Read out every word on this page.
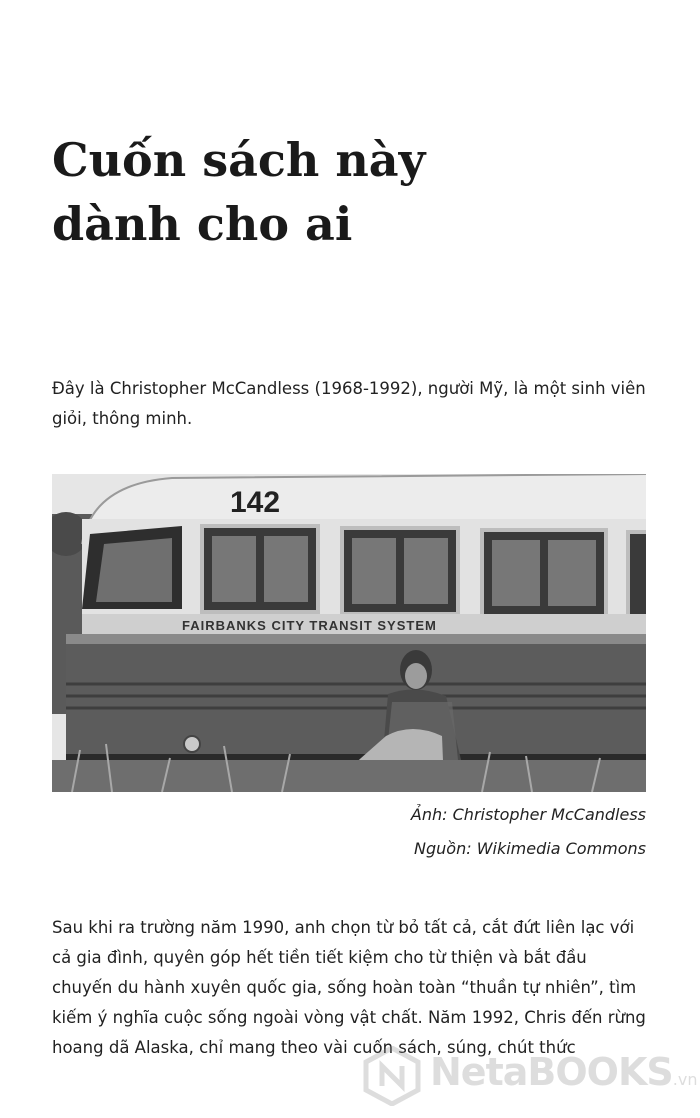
Cuốn sách này
dành cho ai

Đây là Christopher McCandless (1968-1992), người Mỹ, là một sinh viên giỏi, thông minh.

142
FAIRBANKS CITY TRANSIT SYSTEM

Ảnh: Christopher McCandless

Nguồn: Wikimedia Commons

Sau khi ra trường năm 1990, anh chọn từ bỏ tất cả, cắt đứt liên lạc với cả gia đình, quyên góp hết tiền tiết kiệm cho từ thiện và bắt đầu chuyến du hành xuyên quốc gia, sống hoàn toàn “thuần tự nhiên”, tìm kiếm ý nghĩa cuộc sống ngoài vòng vật chất. Năm 1992, Chris đến rừng hoang dã Alaska, chỉ mang theo vài cuốn sách, súng, chút thức

NetaBOOKS.vn
